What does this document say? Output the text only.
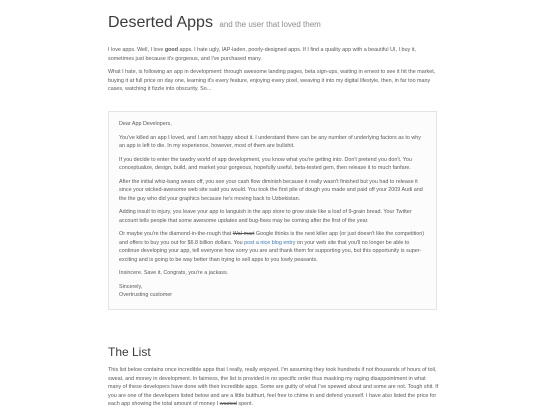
Deserted Apps and the user that loved them

I love apps. Well, I love good apps. I hate ugly, IAP-laden, poorly-designed apps. If I find a quality app with a beautiful UI, I buy it, sometimes just because it's gorgeous, and I've purchased many.

What I hate, is following an app in development: through awesome landing pages, beta sign-ups, waiting in ernest to see it hit the market, buying it at full price on day one, learning it's every feature, enjoying every pixel, weaving it into my digital lifestyle, then, in far too many cases, watching it fizzle into obscurity. So...

Dear App Developers,

You've killed an app I loved, and I am not happy about it. I understand there can be any number of underlying factors as to why an app is left to die. In my experience, however, most of them are bullshit.

If you decide to enter the tawdry world of app development, you know what you're getting into. Don't pretend you don't. You conceptualize, design, build, and market your gorgeous, hopefully useful, beta-tested gem, then release it to much fanfare.

After the initial whiz-bang wears off, you see your cash flow diminish because it really wasn't finished but you had to release it since your wicked-awesome web site said you would. You took the first pile of dough you made and paid off your 2009 Audi and the the guy who did your graphics because he's moving back to Uzbekistan.

Adding insult to injury, you leave your app to languish in the app store to grow stale like a loaf of 9-grain bread. Your Twitter account tells people that some awesome updates and bug-fixes may be coming after the first of the year.

Or maybe you're the diamond-in-the-rough that Wal-mart Google thinks is the next killer app (or just doesn't like the competition) and offers to buy you out for $6.8 billion dollars. You post a nice blog entry on your web site that you'll no longer be able to continue developing your app, tell everyone how sorry you are and thank them for supporting you, but this opportunity is super-exciting and is going to be way better than trying to sell apps to you lowly peasants.

Insincere. Save it. Congrats, you're a jackass.

Sincerely,

Overtrusting customer

The List

This list below contains once incredible apps that I really, really enjoyed. I'm assuming they took hundreds if not thousands of hours of toil, sweat, and money in development. In fairness, the list is provided in no specific order thus masking my raging disappointment in what many of these developers have done with their incredible apps. Some are guilty of what I've spewed about and some are not. Tough shit. If you are one of the developers listed below and are a little butthurt, feel free to chime in and defend yourself. I have also listed the price for each app showing the total amount of money I wasted spent.
